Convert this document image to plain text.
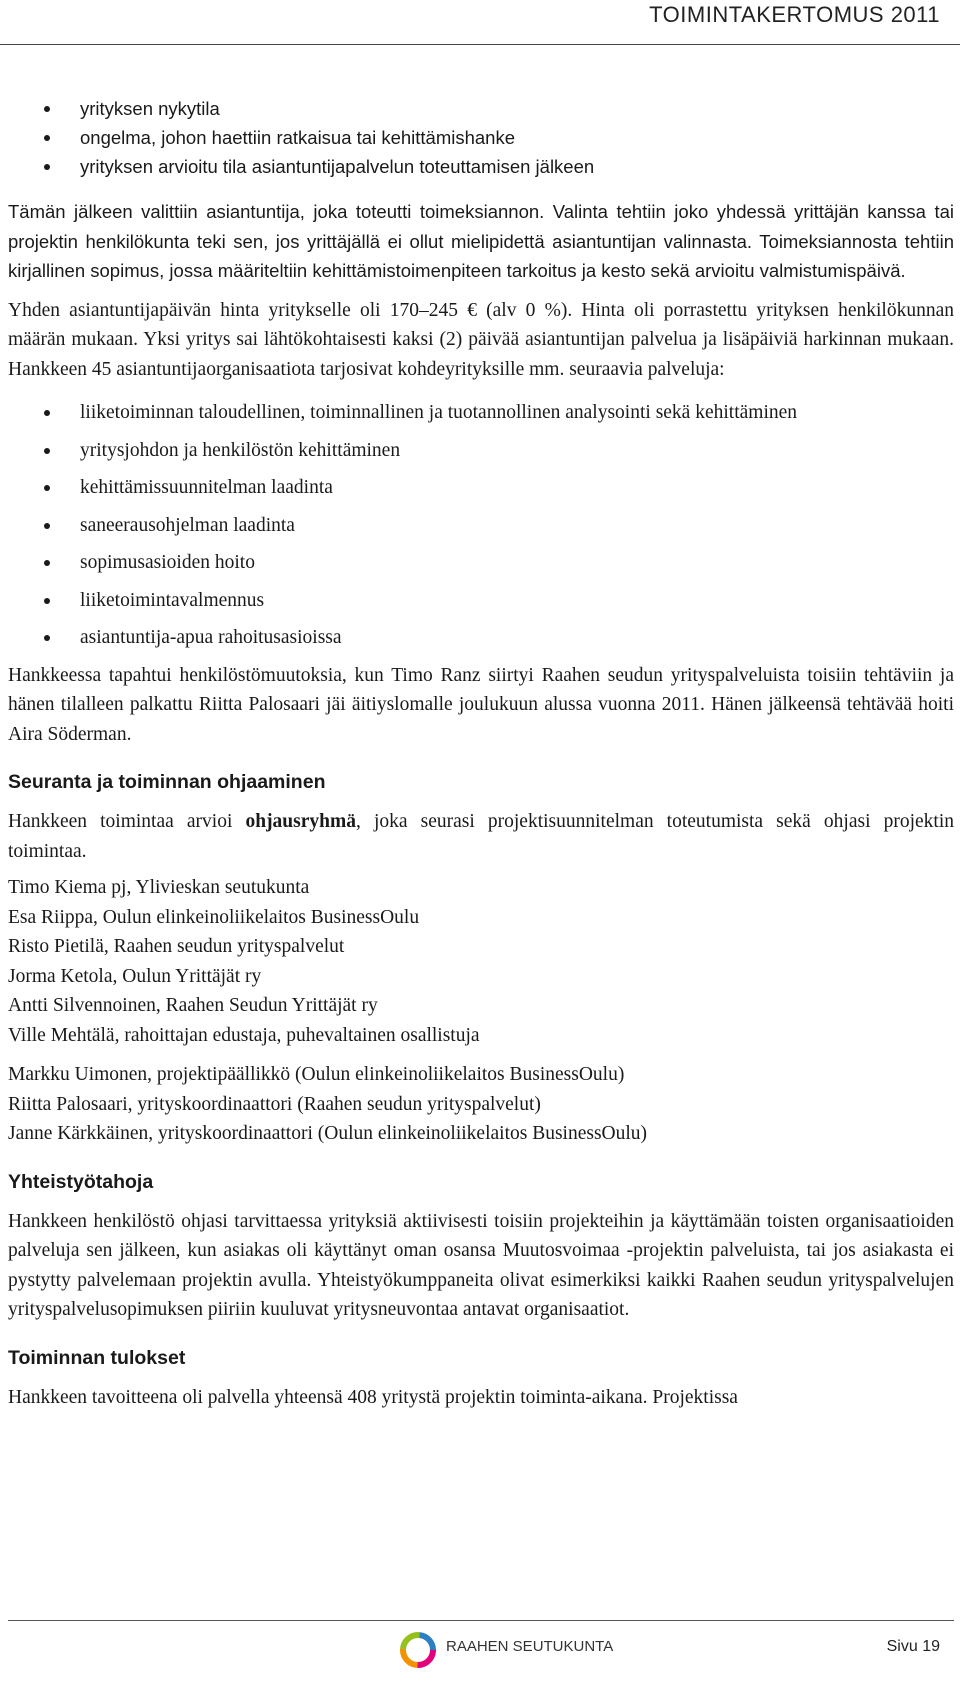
TOIMINTAKERTOMUS 2011
yrityksen nykytila
ongelma, johon haettiin ratkaisua tai kehittämishanke
yrityksen arvioitu tila asiantuntijapalvelun toteuttamisen jälkeen

Tämän jälkeen valittiin asiantuntija, joka toteutti toimeksiannon. Valinta tehtiin joko yhdessä yrittäjän kanssa tai projektin henkilökunta teki sen, jos yrittäjällä ei ollut mielipidettä asiantuntijan valinnasta. Toimeksiannosta tehtiin kirjallinen sopimus, jossa määriteltiin kehittämistoimenpiteen tarkoitus ja kesto sekä arvioitu valmistumispäivä.

Yhden asiantuntijapäivän hinta yritykselle oli 170–245 € (alv 0 %). Hinta oli porrastettu yrityksen henkilökunnan määrän mukaan. Yksi yritys sai lähtökohtaisesti kaksi (2) päivää asiantuntijan palvelua ja lisäpäiviä harkinnan mukaan. Hankkeen 45 asiantuntijaorganisaatiota tarjosivat kohdeyrityksille mm. seuraavia palveluja:

liiketoiminnan taloudellinen, toiminnallinen ja tuotannollinen analysointi sekä kehittäminen
yritysjohdon ja henkilöstön kehittäminen
kehittämissuunnitelman laadinta
saneerausohjelman laadinta
sopimusasioiden hoito
liiketoimintavalmennus
asiantuntija-apua rahoitusasioissa

Hankkeessa tapahtui henkilöstömuutoksia, kun Timo Ranz siirtyi Raahen seudun yrityspalveluista toisiin tehtäviin ja hänen tilalleen palkattu Riitta Palosaari jäi äitiyslomalle joulukuun alussa vuonna 2011. Hänen jälkeensä tehtävää hoiti Aira Söderman.

Seuranta ja toiminnan ohjaaminen

Hankkeen toimintaa arvioi ohjausryhmä, joka seurasi projektisuunnitelman toteutumista sekä ohjasi projektin toimintaa.

Timo Kiema pj, Ylivieskan seutukunta
Esa Riippa, Oulun elinkeinoliikelaitos BusinessOulu
Risto Pietilä, Raahen seudun yrityspalvelut
Jorma Ketola, Oulun Yrittäjät ry
Antti Silvennoinen, Raahen Seudun Yrittäjät ry
Ville Mehtälä, rahoittajan edustaja, puhevaltainen osallistuja
Markku Uimonen, projektipäällikkö (Oulun elinkeinoliikelaitos BusinessOulu)
Riitta Palosaari, yrityskoordinaattori (Raahen seudun yrityspalvelut)
Janne Kärkkäinen, yrityskoordinaattori (Oulun elinkeinoliikelaitos BusinessOulu)
Yhteistyötahoja

Hankkeen henkilöstö ohjasi tarvittaessa yrityksiä aktiivisesti toisiin projekteihin ja käyttämään toisten organisaatioiden palveluja sen jälkeen, kun asiakas oli käyttänyt oman osansa Muutosvoimaa -projektin palveluista, tai jos asiakasta ei pystytty palvelemaan projektin avulla. Yhteistyökumppaneita olivat esimerkiksi kaikki Raahen seudun yrityspalvelujen yrityspalvelusopimuksen piiriin kuuluvat yritysneuvontaa antavat organisaatiot.

Toiminnan tulokset

Hankkeen tavoitteena oli palvella yhteensä 408 yritystä projektin toiminta-aikana. Projektissa

RAAHEN SEUTUKUNTA	Sivu 19
